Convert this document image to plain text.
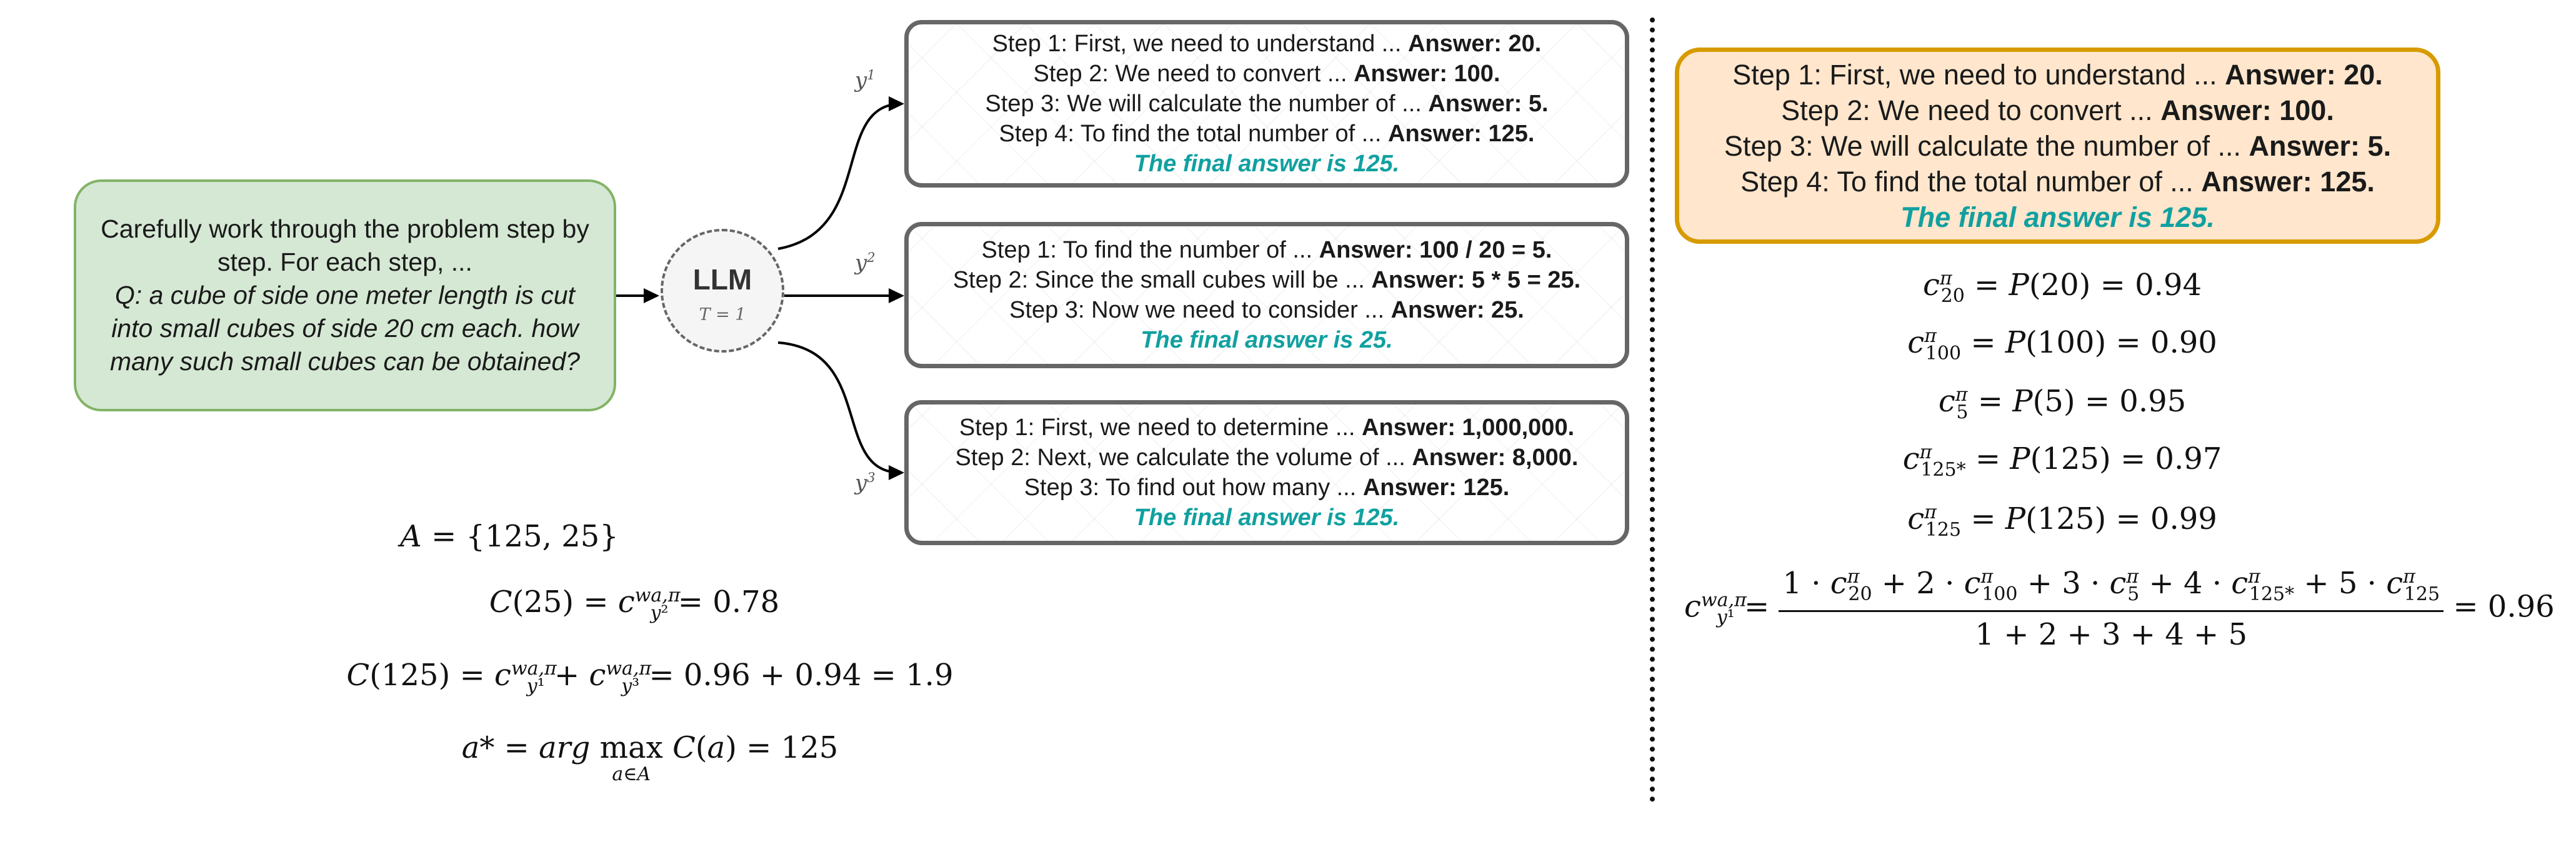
Carefully work through the problem step by step. For each step, ...
Q: a cube of side one meter length is cut into small cubes of side 20 cm each. how many such small cubes can be obtained?
LLM
T = 1
$y^1$
$y^2$
$y^3$
Step 1: First, we need to understand ... Answer: 20.
Step 2: We need to convert ... Answer: 100.
Step 3: We will calculate the number of ... Answer: 5.
Step 4: To find the total number of ... Answer: 125.
The final answer is 125.
Step 1: To find the number of ... Answer: 100 / 20 = 5.
Step 2: Since the small cubes will be ... Answer: 5 * 5 = 25.
Step 3: Now we need to consider ... Answer: 25.
The final answer is 25.
Step 1: First, we need to determine ... Answer: 1,000,000.
Step 2: Next, we calculate the volume of ... Answer: 8,000.
Step 3: To find out how many ... Answer: 125.
The final answer is 125.
A = {125, 25}
$C(25) = c^{wa,\pi}_{y^2} = 0.78$
$C(125) = c^{wa,\pi}_{y^1} + c^{wa,\pi}_{y^3} = 0.96 + 0.94 = 1.9$
a* = arg max
a∈A
C(a) = 125
Step 1: First, we need to understand ... Answer: 20.
Step 2: We need to convert ... Answer: 100.
Step 3: We will calculate the number of ... Answer: 5.
Step 4: To find the total number of ... Answer: 125.
The final answer is 125.
$c^\pi_{20} = P(20) = 0.94$
$c^\pi_{100} = P(100) = 0.90$
$c^\pi_5 = P(5) = 0.95$
$c^\pi_{125*} = P(125) = 0.97$
$c^\pi_{125} = P(125) = 0.99$
$c^{wa,\pi}_{y^1} = \frac{1 \cdot c^\pi_{20} + 2 \cdot c^\pi_{100} + 3 \cdot c^\pi_5 + 4 \cdot c^\pi_{125*} + 5 \cdot c^\pi_{125}}{1 + 2 + 3 + 4 + 5} = 0.96$
